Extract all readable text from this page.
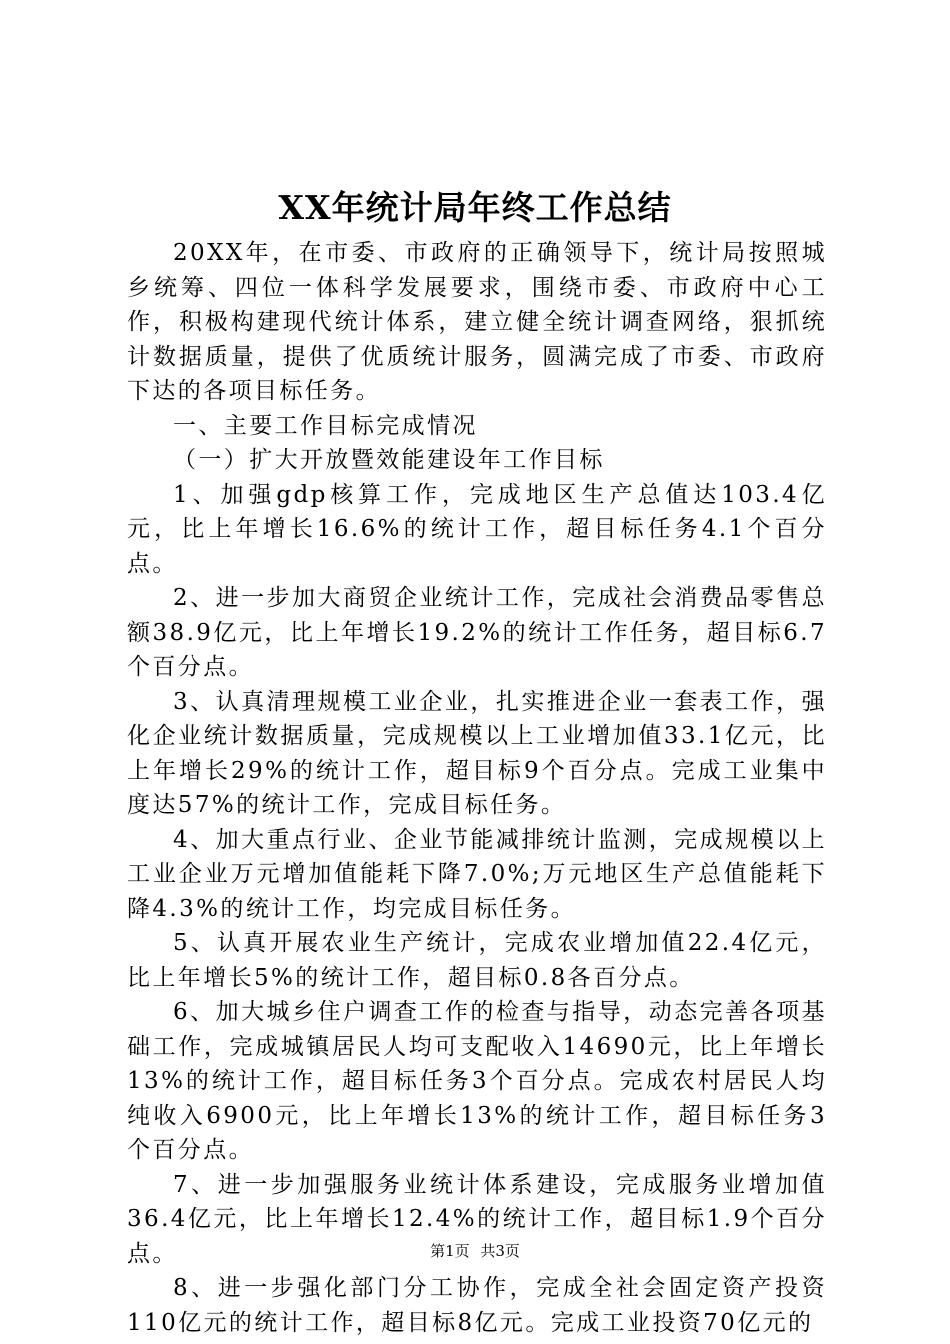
XX年统计局年终工作总结

20XX年，在市委、市政府的正确领导下，统计局按照城乡统筹、四位一体科学发展要求，围绕市委、市政府中心工作，积极构建现代统计体系，建立健全统计调查网络，狠抓统计数据质量，提供了优质统计服务，圆满完成了市委、市政府下达的各项目标任务。

一、主要工作目标完成情况

（一）扩大开放暨效能建设年工作目标

1、加强gdp核算工作，完成地区生产总值达103.4亿元，比上年增长16.6%的统计工作，超目标任务4.1个百分点。

2、进一步加大商贸企业统计工作，完成社会消费品零售总额38.9亿元，比上年增长19.2%的统计工作任务，超目标6.7个百分点。

3、认真清理规模工业企业，扎实推进企业一套表工作，强化企业统计数据质量，完成规模以上工业增加值33.1亿元，比上年增长29%的统计工作，超目标9个百分点。完成工业集中度达57%的统计工作，完成目标任务。

4、加大重点行业、企业节能减排统计监测，完成规模以上工业企业万元增加值能耗下降7.0%;万元地区生产总值能耗下降4.3%的统计工作，均完成目标任务。

5、认真开展农业生产统计，完成农业增加值22.4亿元，比上年增长5%的统计工作，超目标0.8各百分点。

6、加大城乡住户调查工作的检查与指导，动态完善各项基础工作，完成城镇居民人均可支配收入14690元，比上年增长13%的统计工作，超目标任务3个百分点。完成农村居民人均纯收入6900元，比上年增长13%的统计工作，超目标任务3个百分点。

7、进一步加强服务业统计体系建设，完成服务业增加值36.4亿元，比上年增长12.4%的统计工作，超目标1.9个百分点。

8、进一步强化部门分工协作，完成全社会固定资产投资110亿元的统计工作，超目标8亿元。完成工业投资70亿元的

第1页 共3页
